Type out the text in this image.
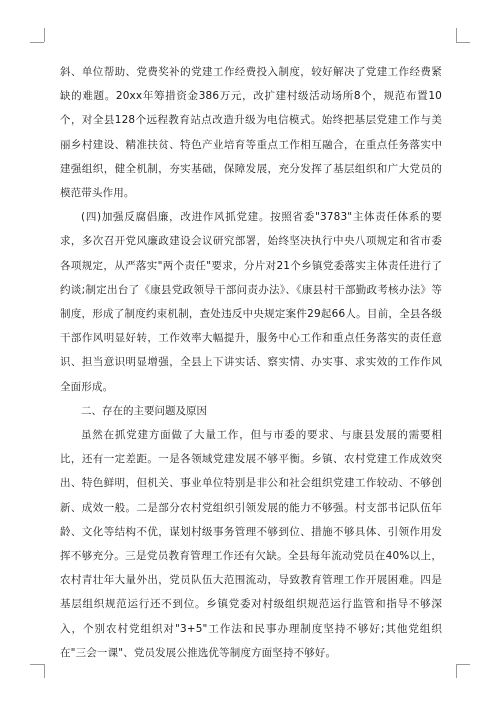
斜、单位帮助、党费奖补的党建工作经费投入制度，较好解决了党建工作经费紧缺的难题。20xx年筹措资金386万元，改扩建村级活动场所8个，规范布置10个，对全县128个远程教育站点改造升级为电信模式。始终把基层党建工作与美丽乡村建设、精准扶贫、特色产业培育等重点工作相互融合，在重点任务落实中建强组织，健全机制，夯实基础，保障发展，充分发挥了基层组织和广大党员的模范带头作用。

(四)加强反腐倡廉，改进作风抓党建。按照省委"3783"主体责任体系的要求，多次召开党风廉政建设会议研究部署，始终坚决执行中央八项规定和省市委各项规定，从严落实"两个责任"要求，分片对21个乡镇党委落实主体责任进行了约谈;制定出台了《康县党政领导干部问责办法》、《康县村干部勤政考核办法》等制度，形成了制度约束机制，查处违反中央规定案件29起66人。目前，全县各级干部作风明显好转，工作效率大幅提升，服务中心工作和重点任务落实的责任意识、担当意识明显增强，全县上下讲实话、察实情、办实事、求实效的工作作风全面形成。

二、存在的主要问题及原因

虽然在抓党建方面做了大量工作，但与市委的要求、与康县发展的需要相比，还有一定差距。一是各领域党建发展不够平衡。乡镇、农村党建工作成效突出、特色鲜明，但机关、事业单位特别是非公和社会组织党建工作较动、不够创新、成效一般。二是部分农村党组织引领发展的能力不够强。村支部书记队伍年龄、文化等结构不优，谋划村级事务管理不够到位、措施不够具体、引领作用发挥不够充分。三是党员教育管理工作还有欠缺。全县每年流动党员在40%以上，农村青壮年大量外出，党员队伍大范围流动，导致教育管理工作开展困难。四是基层组织规范运行还不到位。乡镇党委对村级组织规范运行监管和指导不够深入，个别农村党组织对"3+5"工作法和民事办理制度坚持不够好;其他党组织在"三会一课"、党员发展公推选优等制度方面坚持不够好。
